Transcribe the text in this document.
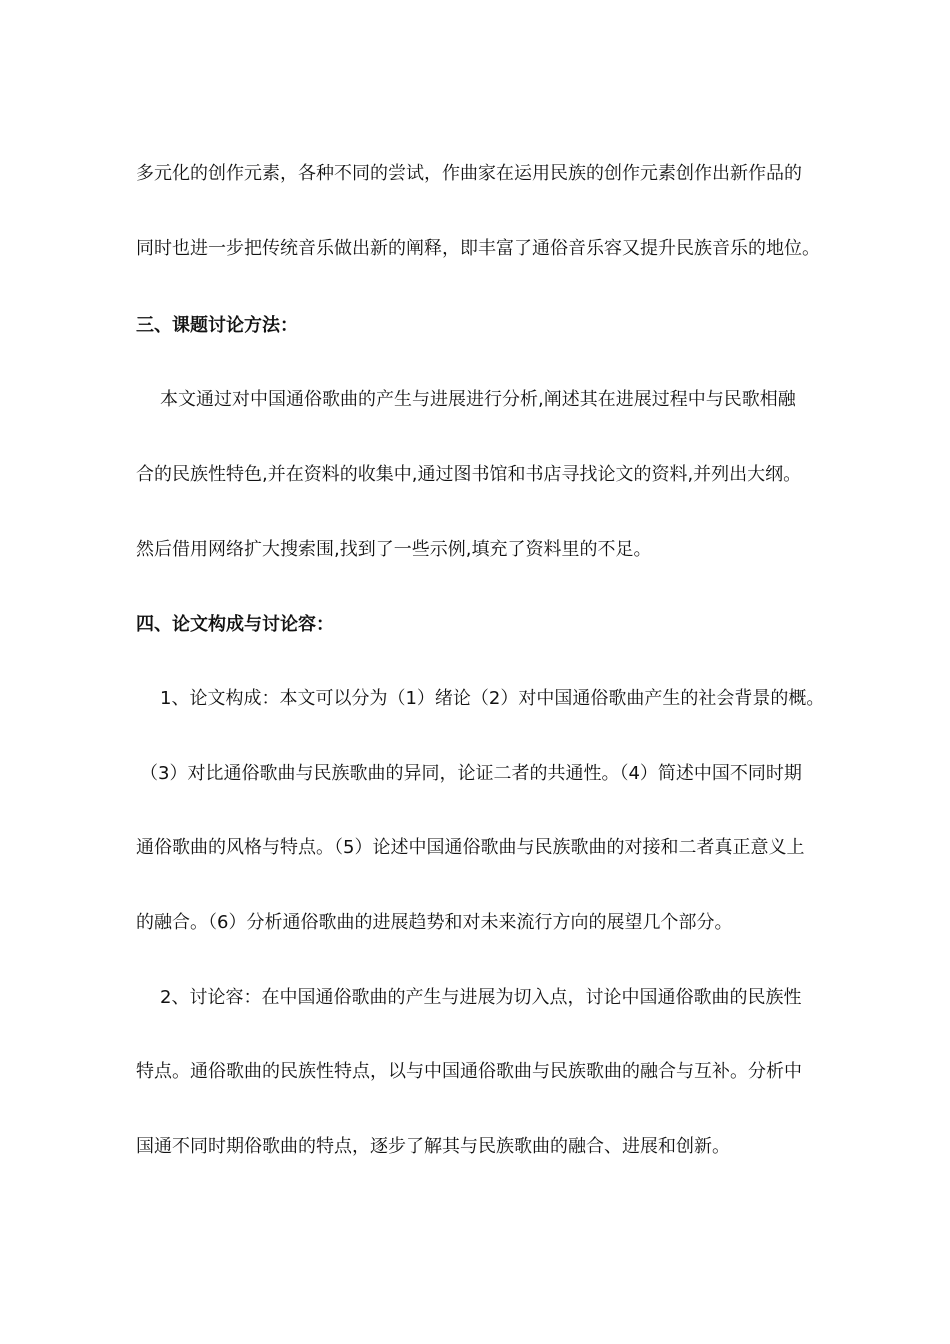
多元化的创作元素，各种不同的尝试，作曲家在运用民族的创作元素创作出新作品的
同时也进一步把传统音乐做出新的阐释，即丰富了通俗音乐容又提升民族音乐的地位。
三、课题讨论方法：
本文通过对中国通俗歌曲的产生与进展进行分析,阐述其在进展过程中与民歌相融
合的民族性特色,并在资料的收集中,通过图书馆和书店寻找论文的资料,并列出大纲。
然后借用网络扩大搜索围,找到了一些示例,填充了资料里的不足。
四、论文构成与讨论容：
1、论文构成：本文可以分为（1）绪论（2）对中国通俗歌曲产生的社会背景的概。
（3）对比通俗歌曲与民族歌曲的异同，论证二者的共通性。（4）简述中国不同时期
通俗歌曲的风格与特点。（5）论述中国通俗歌曲与民族歌曲的对接和二者真正意义上
的融合。（6）分析通俗歌曲的进展趋势和对未来流行方向的展望几个部分。
2、讨论容：在中国通俗歌曲的产生与进展为切入点，讨论中国通俗歌曲的民族性
特点。通俗歌曲的民族性特点，以与中国通俗歌曲与民族歌曲的融合与互补。分析中
国通不同时期俗歌曲的特点，逐步了解其与民族歌曲的融合、进展和创新。
